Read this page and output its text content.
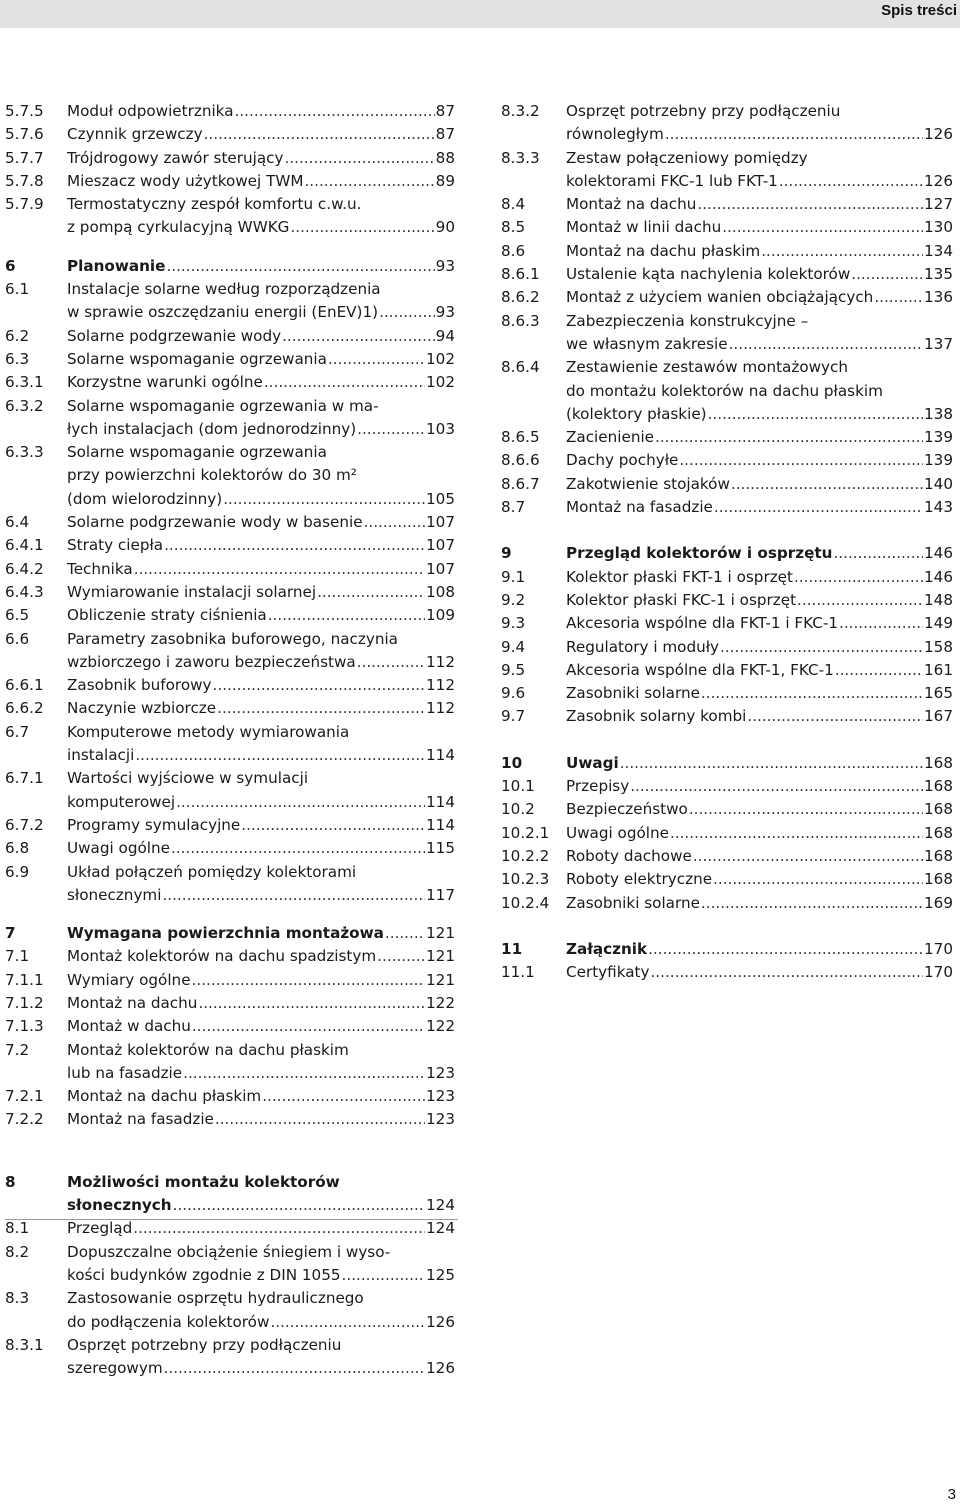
Spis treści
5.7.5	Moduł odpowietrznika .....	87
5.7.6	Czynnik grzewczy .....	87
5.7.7	Trójdrogowy zawór sterujący .....	88
5.7.8	Mieszacz wody użytkowej TWM .....	89
5.7.9	Termostatyczny zespół komfortu c.w.u.
z pompą cyrkulacyjną WWKG .....	90
6	Planowanie .....	93
6.1	Instalacje solarne według rozporządzenia
w sprawie oszczędzaniu energii (EnEV)1) .....	93
6.2	Solarne podgrzewanie wody .....	94
6.3	Solarne wspomaganie ogrzewania .....	102
6.3.1	Korzystne warunki ogólne .....	102
6.3.2	Solarne wspomaganie ogrzewania w ma-
łych instalacjach (dom jednorodzinny) .....	103
6.3.3	Solarne wspomaganie ogrzewania
przy powierzchni kolektorów do 30 m²
(dom wielorodzinny) .....	105
6.4	Solarne podgrzewanie wody w basenie .....	107
6.4.1	Straty ciepła .....	107
6.4.2	Technika .....	107
6.4.3	Wymiarowanie instalacji solarnej .....	108
6.5	Obliczenie straty ciśnienia .....	109
6.6	Parametry zasobnika buforowego, naczynia
wzbiorczego i zaworu bezpieczeństwa .....	112
6.6.1	Zasobnik buforowy .....	112
6.6.2	Naczynie wzbiorcze .....	112
6.7	Komputerowe metody wymiarowania
instalacji .....	114
6.7.1	Wartości wyjściowe w symulacji
komputerowej .....	114
6.7.2	Programy symulacyjne .....	114
6.8	Uwagi ogólne .....	115
6.9	Układ połączeń pomiędzy kolektorami
słonecznymi .....	117
7	Wymagana powierzchnia montażowa .....	121
7.1	Montaż kolektorów na dachu spadzistym .....	121
7.1.1	Wymiary ogólne .....	121
7.1.2	Montaż na dachu .....	122
7.1.3	Montaż w dachu .....	122
7.2	Montaż kolektorów na dachu płaskim
lub na fasadzie .....	123
7.2.1	Montaż na dachu płaskim .....	123
7.2.2	Montaż na fasadzie .....	123
8	Możliwości montażu kolektorów
słonecznych .....	124
8.1	Przegląd .....	124
8.2	Dopuszczalne obciążenie śniegiem i wyso-
kości budynków zgodnie z DIN 1055 .....	125
8.3	Zastosowanie osprzętu hydraulicznego
do podłączenia kolektorów .....	126
8.3.1	Osprzęt potrzebny przy podłączeniu
szeregowym .....	126
8.3.2	Osprzęt potrzebny przy podłączeniu
równoległym .....	126
8.3.3	Zestaw połączeniowy pomiędzy
kolektorami FKC-1 lub FKT-1 .....	126
8.4	Montaż na dachu .....	127
8.5	Montaż w linii dachu .....	130
8.6	Montaż na dachu płaskim .....	134
8.6.1	Ustalenie kąta nachylenia kolektorów .....	135
8.6.2	Montaż z użyciem wanien obciążających .....	136
8.6.3	Zabezpieczenia konstrukcyjne –
we własnym zakresie .....	137
8.6.4	Zestawienie zestawów montażowych
do montażu kolektorów na dachu płaskim
(kolektory płaskie) .....	138
8.6.5	Zacienienie .....	139
8.6.6	Dachy pochyłe .....	139
8.6.7	Zakotwienie stojaków .....	140
8.7	Montaż na fasadzie .....	143
9	Przegląd kolektorów i osprzętu .....	146
9.1	Kolektor płaski FKT-1 i osprzęt .....	146
9.2	Kolektor płaski FKC-1 i osprzęt .....	148
9.3	Akcesoria wspólne dla FKT-1 i FKC-1 .....	149
9.4	Regulatory i moduły .....	158
9.5	Akcesoria wspólne dla FKT-1, FKC-1 .....	161
9.6	Zasobniki solarne .....	165
9.7	Zasobnik solarny kombi .....	167
10	Uwagi .....	168
10.1	Przepisy .....	168
10.2	Bezpieczeństwo .....	168
10.2.1	Uwagi ogólne .....	168
10.2.2	Roboty dachowe .....	168
10.2.3	Roboty elektryczne .....	168
10.2.4	Zasobniki solarne .....	169
11	Załącznik .....	170
11.1	Certyfikaty .....	170
3
